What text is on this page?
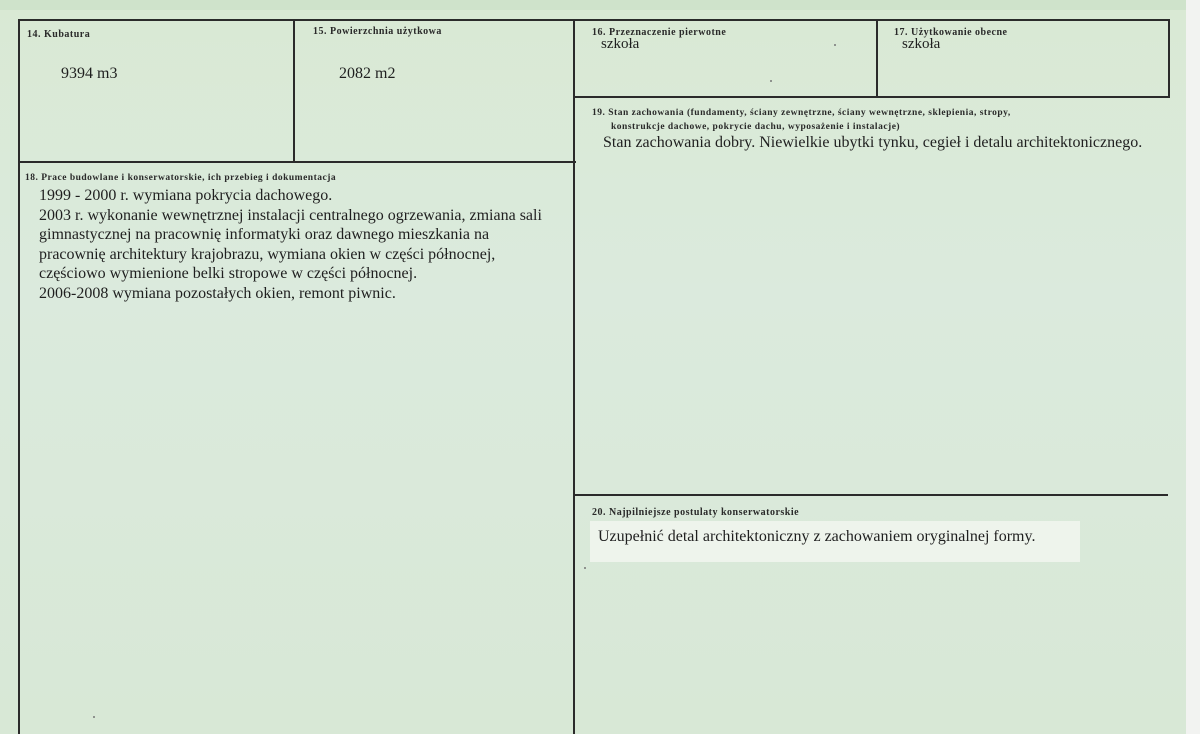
14. Kubatura
9394 m3
15. Powierzchnia użytkowa
2082 m2
16. Przeznaczenie pierwotne
szkoła
17. Użytkowanie obecne
szkoła
19. Stan zachowania (fundamenty, ściany zewnętrzne, ściany wewnętrzne, sklepienia, stropy,
konstrukcje dachowe, pokrycie dachu, wyposażenie i instalacje)
Stan zachowania dobry. Niewielkie ubytki tynku, cegieł i detalu architektonicznego.
18. Prace budowlane i konserwatorskie, ich przebieg i dokumentacja
1999 - 2000 r. wymiana pokrycia dachowego.
2003 r. wykonanie wewnętrznej instalacji centralnego ogrzewania, zmiana sali
gimnastycznej na pracownię informatyki oraz dawnego mieszkania na
pracownię architektury krajobrazu, wymiana okien w części północnej,
częściowo wymienione belki stropowe w części północnej.
2006-2008 wymiana pozostałych okien, remont piwnic.
20. Najpilniejsze postulaty konserwatorskie
Uzupełnić detal architektoniczny z zachowaniem oryginalnej formy.
